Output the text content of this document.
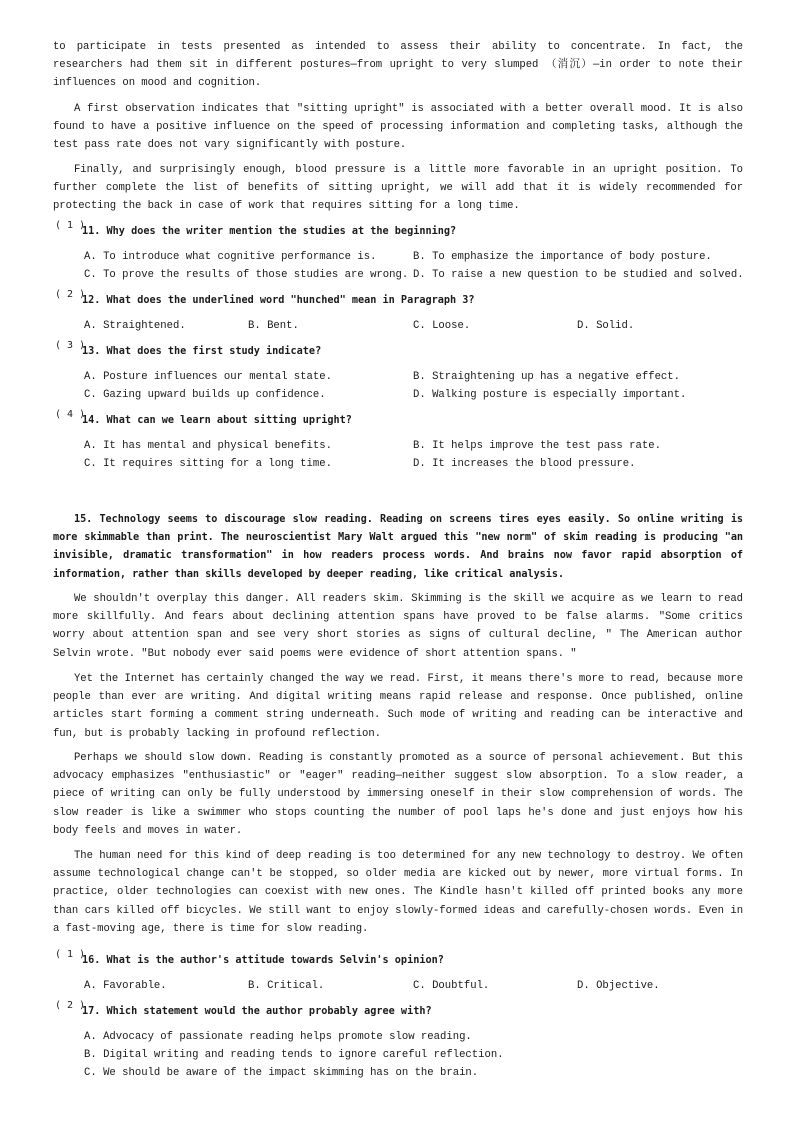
to participate in tests presented as intended to assess their ability to concentrate. In fact, the researchers had them sit in different postures—from upright to very slumped （消沉）—in order to note their influences on mood and cognition.

A first observation indicates that "sitting upright" is associated with a better overall mood. It is also found to have a positive influence on the speed of processing information and completing tasks, although the test pass rate does not vary significantly with posture.

Finally, and surprisingly enough, blood pressure is a little more favorable in an upright position. To further complete the list of benefits of sitting upright, we will add that it is widely recommended for protecting the back in case of work that requires sitting for a long time.

( 1 )
11. Why does the writer mention the studies at the beginning?
A. To introduce what cognitive performance is.	B. To emphasize the importance of body posture.
C. To prove the results of those studies are wrong. D. To raise a new question to be studied and solved.
( 2 )
12. What does the underlined word "hunched" mean in Paragraph 3?
A. Straightened.	B. Bent.	C. Loose.	D. Solid.
( 3 )
13. What does the first study indicate?
A. Posture influences our mental state.	B. Straightening up has a negative effect.
C. Gazing upward builds up confidence.	D. Walking posture is especially important.
( 4 )
14. What can we learn about sitting upright?
A. It has mental and physical benefits.	B. It helps improve the test pass rate.
C. It requires sitting for a long time.	D. It increases the blood pressure.

15. Technology seems to discourage slow reading. Reading on screens tires eyes easily. So online writing is more skimmable than print. The neuroscientist Mary Walt argued this "new norm" of skim reading is producing "an invisible, dramatic transformation" in how readers process words. And brains now favor rapid absorption of information, rather than skills developed by deeper reading, like critical analysis.

We shouldn't overplay this danger. All readers skim. Skimming is the skill we acquire as we learn to read more skillfully. And fears about declining attention spans have proved to be false alarms. "Some critics worry about attention span and see very short stories as signs of cultural decline, " The American author Selvin wrote. "But nobody ever said poems were evidence of short attention spans. "

Yet the Internet has certainly changed the way we read. First, it means there's more to read, because more people than ever are writing. And digital writing means rapid release and response. Once published, online articles start forming a comment string underneath. Such mode of writing and reading can be interactive and fun, but is probably lacking in profound reflection.

Perhaps we should slow down. Reading is constantly promoted as a source of personal achievement. But this advocacy emphasizes "enthusiastic" or "eager" reading—neither suggest slow absorption. To a slow reader, a piece of writing can only be fully understood by immersing oneself in their slow comprehension of words. The slow reader is like a swimmer who stops counting the number of pool laps he's done and just enjoys how his body feels and moves in water.

The human need for this kind of deep reading is too determined for any new technology to destroy. We often assume technological change can't be stopped, so older media are kicked out by newer, more virtual forms. In practice, older technologies can coexist with new ones. The Kindle hasn't killed off printed books any more than cars killed off bicycles. We still want to enjoy slowly-formed ideas and carefully-chosen words. Even in a fast-moving age, there is time for slow reading.

( 1 )
16. What is the author's attitude towards Selvin's opinion?
A. Favorable.	B. Critical.	C. Doubtful.	D. Objective.
( 2 )
17. Which statement would the author probably agree with?
A. Advocacy of passionate reading helps promote slow reading.
B. Digital writing and reading tends to ignore careful reflection.
C. We should be aware of the impact skimming has on the brain.
